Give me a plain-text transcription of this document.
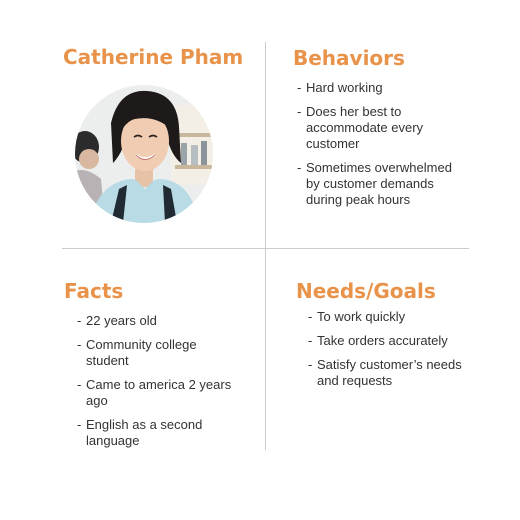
Catherine Pham Behaviors
- Hard working
- Does her best to accommodate every customer
- Sometimes overwhelmed by customer demands during peak hours
Facts
- 22 years old
- Community college student
- Came to america 2 years ago
- English as a second language
Needs/Goals
- To work quickly
- Take orders accurately
- Satisfy customer’s needs and requests
